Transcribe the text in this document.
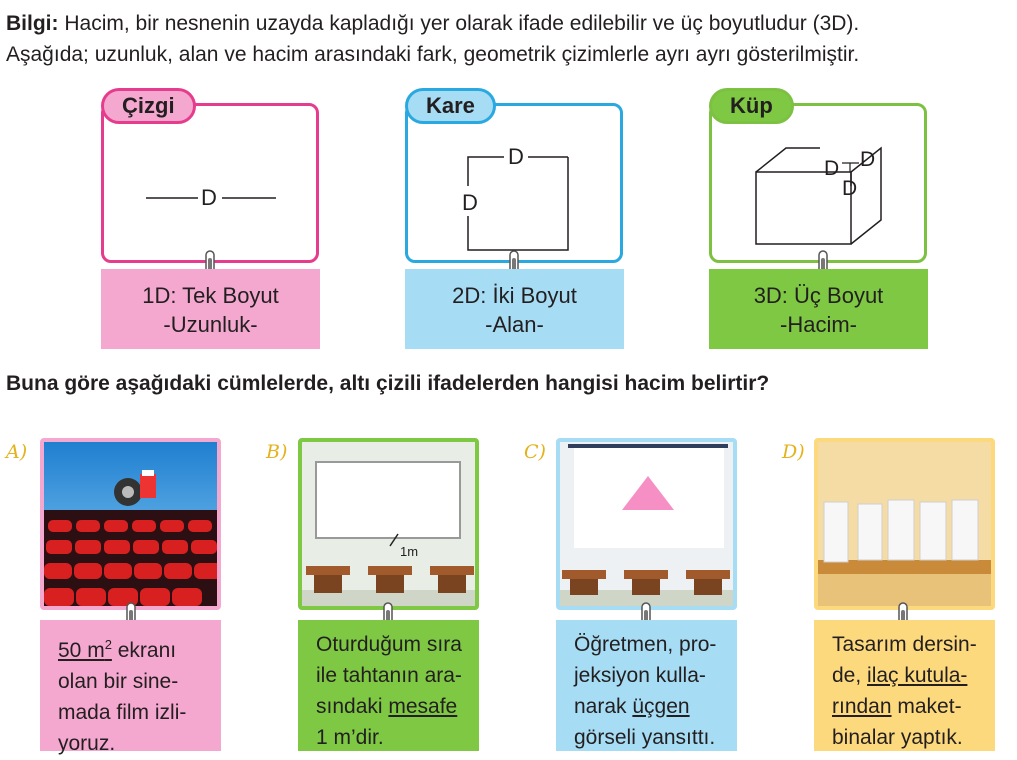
Bilgi: Hacim, bir nesnenin uzayda kapladığı yer olarak ifade edilebilir ve üç boyutludur (3D).
Aşağıda; uzunluk, alan ve hacim arasındaki fark, geometrik çizimlerle ayrı ayrı gösterilmiştir.
Çizgi
D
1D: Tek Boyut
-Uzunluk-
Kare
D
D
2D: İki Boyut
-Alan-
Küp
D D
D
3D: Üç Boyut
-Hacim-
Buna göre aşağıdaki cümlelerde, altı çizili ifadelerden hangisi hacim belirtir?
A)
50 $m^2$ ekranı
olan bir sine-
mada film izli-
yoruz.
B)
1m
Oturduğum sıra
ile tahtanın ara-
sındaki mesafe
1 m’dir.
C)
Öğretmen, pro-
jeksiyon kulla-
narak üçgen
görseli yansıttı.
D)
Tasarım dersin-
de, ilaç kutula-
rından maket-
binalar yaptık.
